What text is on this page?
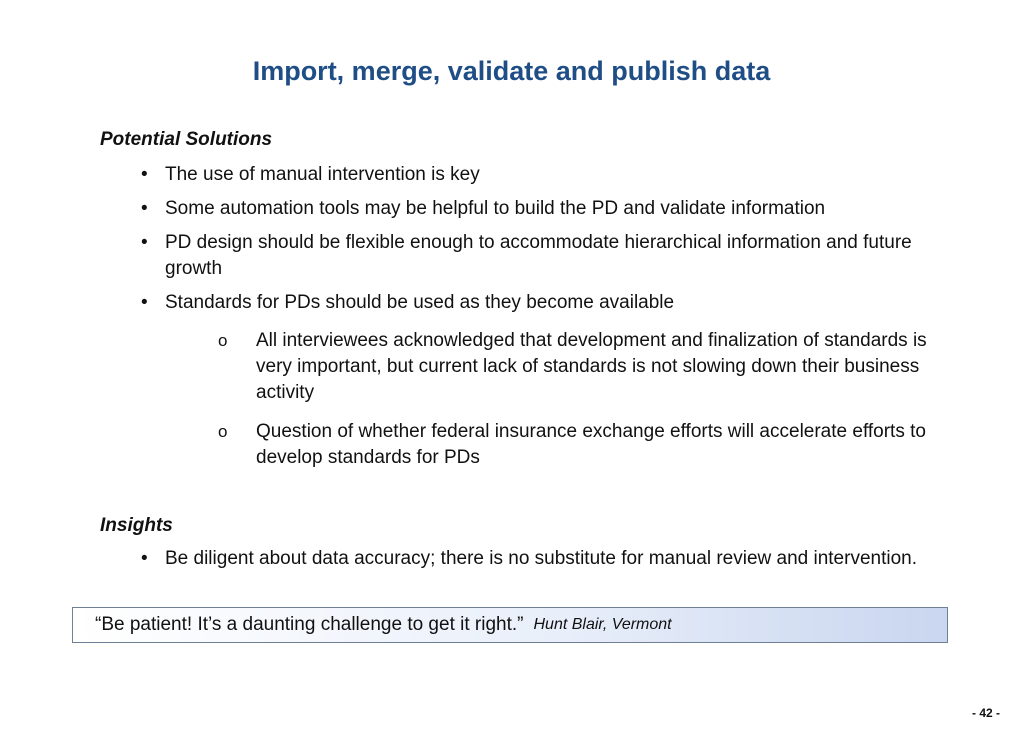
Import, merge, validate and publish data
Potential Solutions
• The use of manual intervention is key
• Some automation tools may be helpful to build the PD and validate information
• PD design should be flexible enough to accommodate hierarchical information and future growth
• Standards for PDs should be used as they become available
o All interviewees acknowledged that development and finalization of standards is very important, but current lack of standards is not slowing down their business activity
o Question of whether federal insurance exchange efforts will accelerate efforts to develop standards for PDs
Insights
• Be diligent about data accuracy; there is no substitute for manual review and intervention.
“Be patient! It’s a daunting challenge to get it right.” Hunt Blair, Vermont
- 42 -
